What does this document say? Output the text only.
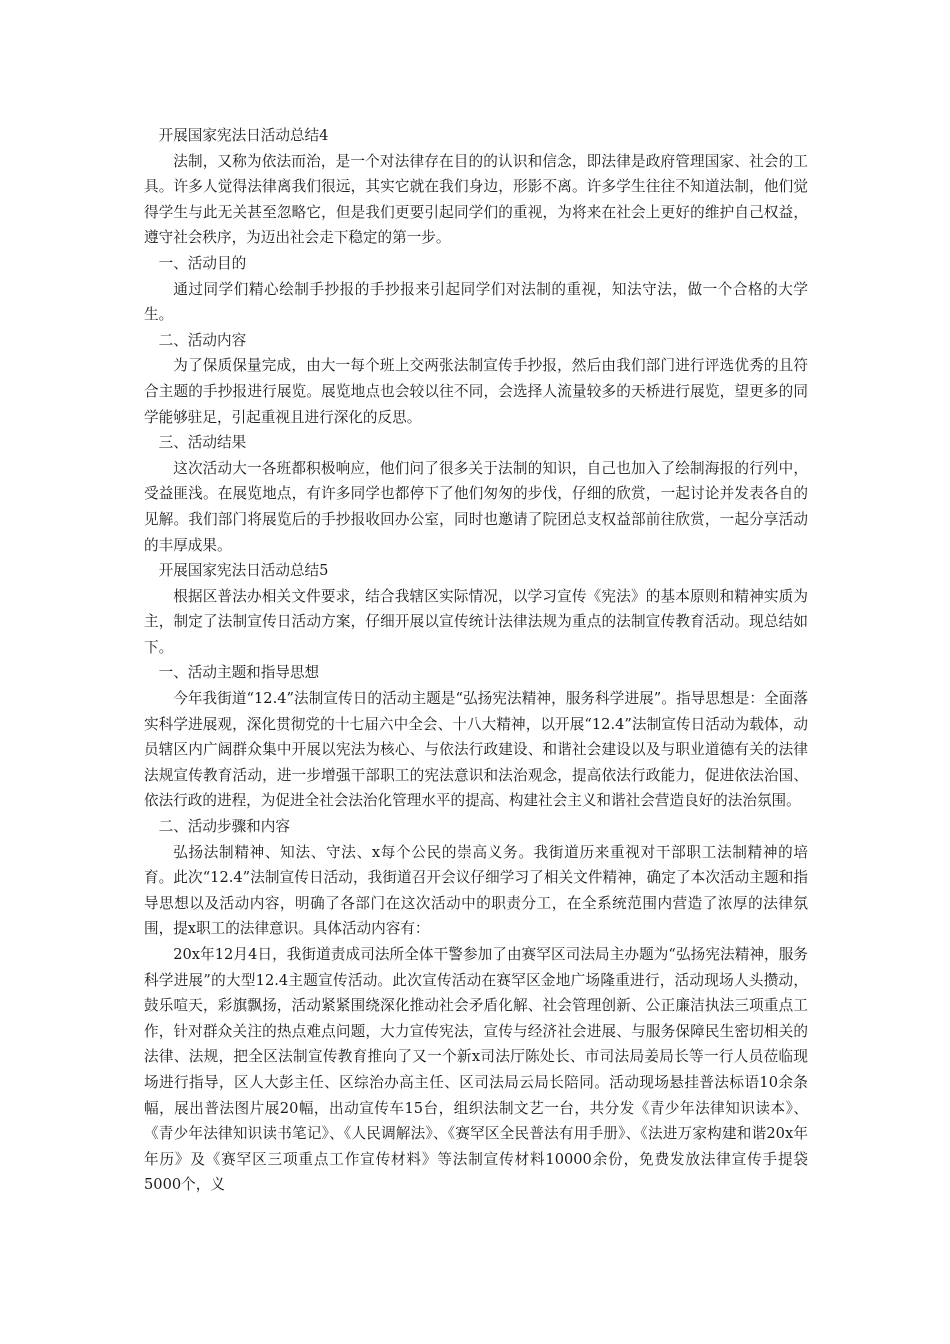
开展国家宪法日活动总结4

法制，又称为依法而治，是一个对法律存在目的的认识和信念，即法律是政府管理国家、社会的工具。许多人觉得法律离我们很远，其实它就在我们身边，形影不离。许多学生往往不知道法制，他们觉得学生与此无关甚至忽略它，但是我们更要引起同学们的重视，为将来在社会上更好的维护自己权益，遵守社会秩序，为迈出社会走下稳定的第一步。

一、活动目的

通过同学们精心绘制手抄报的手抄报来引起同学们对法制的重视，知法守法，做一个合格的大学生。

二、活动内容

为了保质保量完成，由大一每个班上交两张法制宣传手抄报，然后由我们部门进行评选优秀的且符合主题的手抄报进行展览。展览地点也会较以往不同，会选择人流量较多的天桥进行展览，望更多的同学能够驻足，引起重视且进行深化的反思。

三、活动结果

这次活动大一各班都积极响应，他们问了很多关于法制的知识，自己也加入了绘制海报的行列中，受益匪浅。在展览地点，有许多同学也都停下了他们匆匆的步伐，仔细的欣赏，一起讨论并发表各自的见解。我们部门将展览后的手抄报收回办公室，同时也邀请了院团总支权益部前往欣赏，一起分享活动的丰厚成果。

开展国家宪法日活动总结5

根据区普法办相关文件要求，结合我辖区实际情况，以学习宣传《宪法》的基本原则和精神实质为主，制定了法制宣传日活动方案，仔细开展以宣传统计法律法规为重点的法制宣传教育活动。现总结如下。

一、活动主题和指导思想

今年我街道“12.4”法制宣传日的活动主题是“弘扬宪法精神，服务科学进展”。指导思想是：全面落实科学进展观，深化贯彻党的十七届六中全会、十八大精神，以开展“12.4”法制宣传日活动为载体，动员辖区内广阔群众集中开展以宪法为核心、与依法行政建设、和谐社会建设以及与职业道德有关的法律法规宣传教育活动，进一步增强干部职工的宪法意识和法治观念，提高依法行政能力，促进依法治国、依法行政的进程，为促进全社会法治化管理水平的提高、构建社会主义和谐社会营造良好的法治氛围。

二、活动步骤和内容

弘扬法制精神、知法、守法、x每个公民的崇高义务。我街道历来重视对干部职工法制精神的培育。此次“12.4”法制宣传日活动，我街道召开会议仔细学习了相关文件精神，确定了本次活动主题和指导思想以及活动内容，明确了各部门在这次活动中的职责分工，在全系统范围内营造了浓厚的法律氛围，提x职工的法律意识。具体活动内容有：

20x年12月4日，我街道责成司法所全体干警参加了由赛罕区司法局主办题为“弘扬宪法精神，服务科学进展”的大型12.4主题宣传活动。此次宣传活动在赛罕区金地广场隆重进行，活动现场人头攒动，鼓乐喧天，彩旗飘扬，活动紧紧围绕深化推动社会矛盾化解、社会管理创新、公正廉洁执法三项重点工作，针对群众关注的热点难点问题，大力宣传宪法，宣传与经济社会进展、与服务保障民生密切相关的法律、法规，把全区法制宣传教育推向了又一个新x司法厅陈处长、市司法局姜局长等一行人员莅临现场进行指导，区人大彭主任、区综治办高主任、区司法局云局长陪同。活动现场悬挂普法标语10余条幅，展出普法图片展20幅，出动宣传车15台，组织法制文艺一台，共分发《青少年法律知识读本》、《青少年法律知识读书笔记》、《人民调解法》、《赛罕区全民普法有用手册》、《法进万家构建和谐20x年年历》及《赛罕区三项重点工作宣传材料》等法制宣传材料10000余份，免费发放法律宣传手提袋5000个，义
